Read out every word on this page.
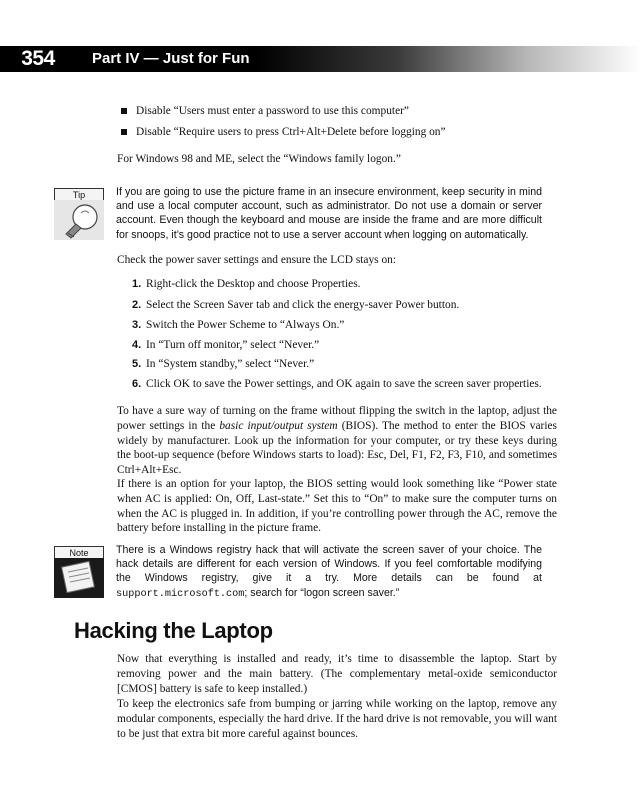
354	Part IV — Just for Fun
Disable “Users must enter a password to use this computer”
Disable “Require users to press Ctrl+Alt+Delete before logging on”
For Windows 98 and ME, select the “Windows family logon.”
Tip	If you are going to use the picture frame in an insecure environment, keep security in mind and use a local computer account, such as administrator. Do not use a domain or server account. Even though the keyboard and mouse are inside the frame and are more difficult for snoops, it’s good practice not to use a server account when logging on automatically.
Check the power saver settings and ensure the LCD stays on:
1. Right-click the Desktop and choose Properties.
2. Select the Screen Saver tab and click the energy-saver Power button.
3. Switch the Power Scheme to “Always On.”
4. In “Turn off monitor,” select “Never.”
5. In “System standby,” select “Never.”
6. Click OK to save the Power settings, and OK again to save the screen saver properties.
To have a sure way of turning on the frame without flipping the switch in the laptop, adjust the power settings in the basic input/output system (BIOS). The method to enter the BIOS varies widely by manufacturer. Look up the information for your computer, or try these keys during the boot-up sequence (before Windows starts to load): Esc, Del, F1, F2, F3, F10, and sometimes Ctrl+Alt+Esc.
If there is an option for your laptop, the BIOS setting would look something like “Power state when AC is applied: On, Off, Last-state.” Set this to “On” to make sure the computer turns on when the AC is plugged in. In addition, if you’re controlling power through the AC, remove the battery before installing in the picture frame.
Note	There is a Windows registry hack that will activate the screen saver of your choice. The hack details are different for each version of Windows. If you feel comfortable modifying the Windows registry, give it a try. More details can be found at support.microsoft.com; search for “logon screen saver.”
Hacking the Laptop
Now that everything is installed and ready, it’s time to disassemble the laptop. Start by removing power and the main battery. (The complementary metal-oxide semiconductor [CMOS] battery is safe to keep installed.)
To keep the electronics safe from bumping or jarring while working on the laptop, remove any modular components, especially the hard drive. If the hard drive is not removable, you will want to be just that extra bit more careful against bounces.
